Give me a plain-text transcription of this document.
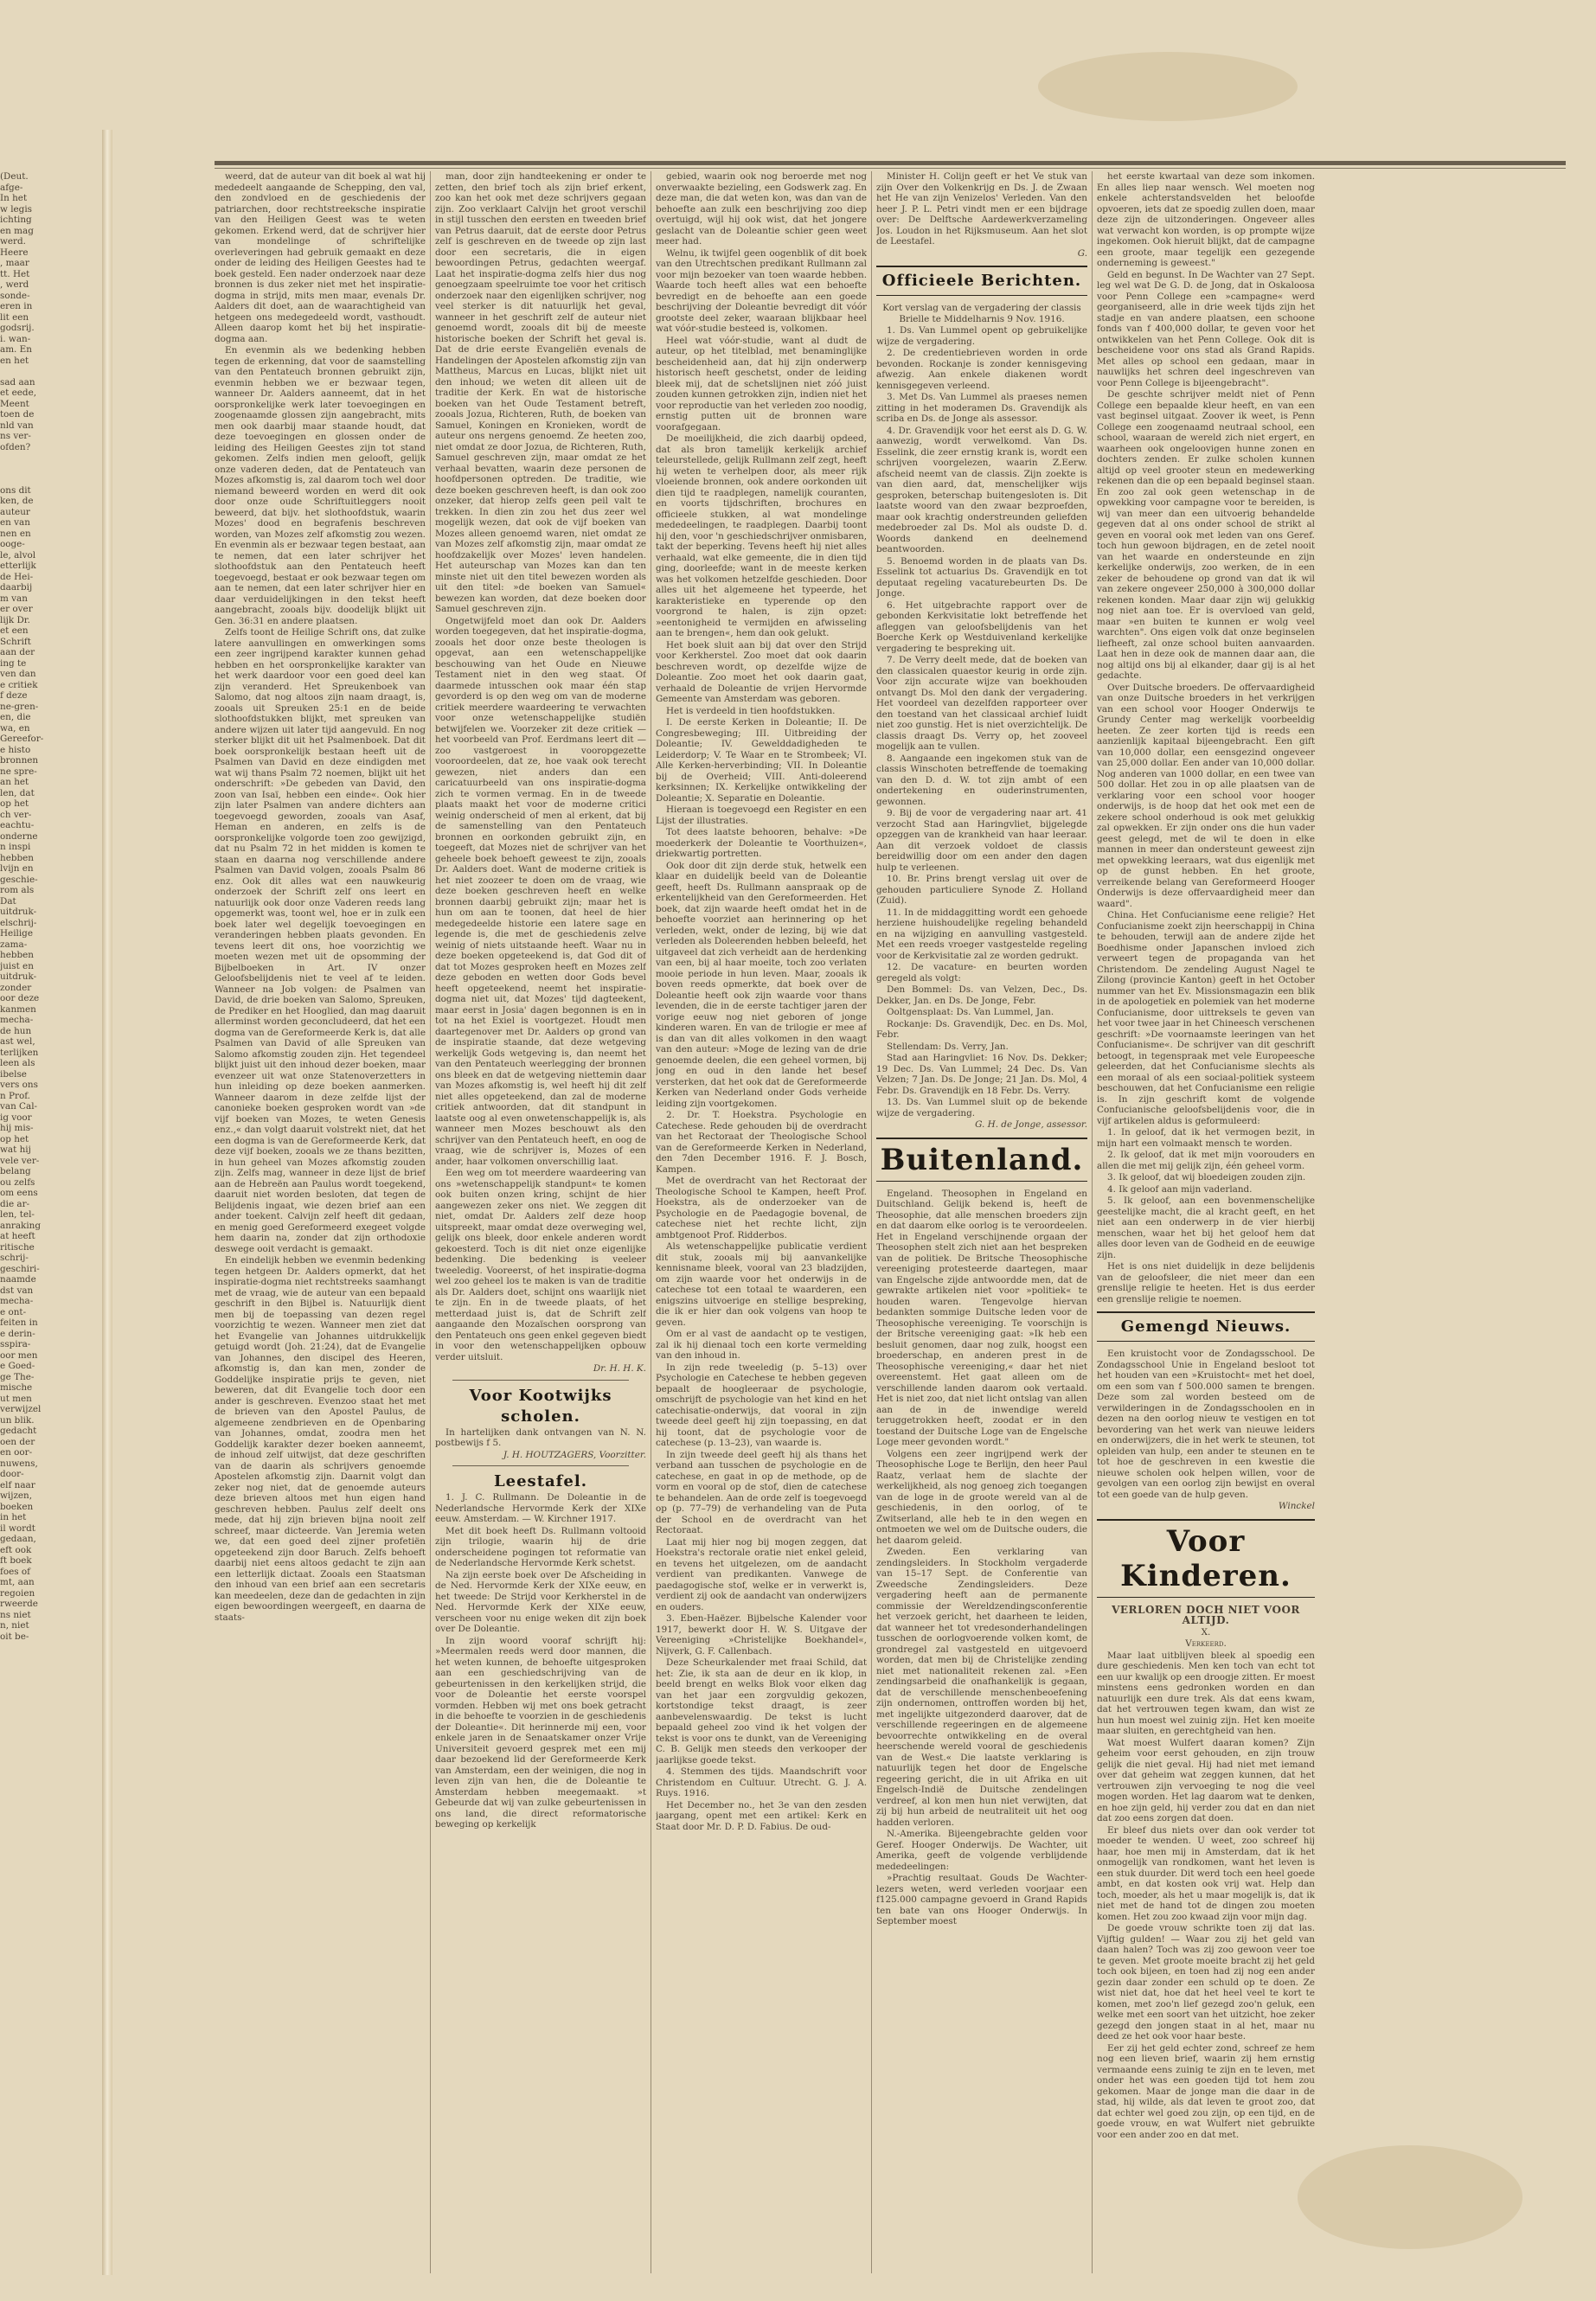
(Deut.
afge-
In het
w legis
ichting
en mag
werd.
Heere
, maar
tt. Het
, werd
sonde-
eren in
lit een
godsrij.
i. wan-
am. En
en het

sad aan
et eede,
Meent
toen de
nld van
ns ver-
ofden?

ons dit
ken, de
auteur
en van
nen en
ooge-
le, alvol
etterlijk
de Hei-
daarbij
m van
er over
lijk Dr.
et een
Schrift
aan der
ing te
ven dan
e critiek
f deze
ne-gren-
en, die
wa, en
Gereefor-
e histo
bronnen
ne spre-
an het
len, dat
op het
ch ver-
eachtu-
onderne
n inspi
hebben
lvijn en
geschie-
rom als
Dat
uitdruk-
elschrij-
Heilige
zama-
hebben
juist en
uitdruk-
zonder
oor deze
kanmen
mecha-
de hun
ast wel,
terlijken
leen als
ibelse
vers ons
n Prof.
van Cal-
ig voor
hij mis-
op het
wat hij
vele ver-
belang
ou zelfs
om eens
die ar-
len, tel-
anraking
at heeft
ritische
schrij-
geschiri-
naamde
dst van
mecha-
e ont-
feiten in
e derin-
sspira-
oor men
e Goed-
ge The-
mische
ut men
verwijzel
un blik.
gedacht
oen der
en oor-
nuwens,
door-
elf naar
wijzen,
boeken
in het
il wordt
gedaan,
eft ook
ft boek
foes of
mt, aan
regoien
rweerde
ns niet
n, niet
oit be-

weerd, dat de auteur van dit boek al wat hij mededeelt aangaande de Schepping, den val, den zondvloed en de geschiedenis der patriarchen, door rechtstreeksche inspiratie van den Heiligen Geest was te weten gekomen. Erkend werd, dat de schrijver hier van mondelinge of schriftelijke overleveringen had gebruik gemaakt en deze onder de leiding des Heiligen Geestes had te boek gesteld. Een nader onderzoek naar deze bronnen is dus zeker niet met het inspiratie-dogma in strijd, mits men maar, evenals Dr. Aalders dit doet, aan de waarachtigheid van hetgeen ons medegedeeld wordt, vasthoudt. Alleen daarop komt het bij het inspiratie-dogma aan.

En evenmin als we bedenking hebben tegen de erkenning, dat voor de saamstelling van den Pentateuch bronnen gebruikt zijn, evenmin hebben we er bezwaar tegen, wanneer Dr. Aalders aanneemt, dat in het oorspronkelijke werk later toevoegingen en zoogenaamde glossen zijn aangebracht, mits men ook daarbij maar staande houdt, dat deze toevoegingen en glossen onder de leiding des Heiligen Geestes zijn tot stand gekomen. Zelfs indien men gelooft, gelijk onze vaderen deden, dat de Pentateuch van Mozes afkomstig is, zal daarom toch wel door niemand beweerd worden en werd dit ook door onze oude Schriftuitleggers nooit beweerd, dat bijv. het slothoofdstuk, waarin Mozes' dood en begrafenis beschreven worden, van Mozes zelf afkomstig zou wezen. En evenmin als er bezwaar tegen bestaat, aan te nemen, dat een later schrijver het slothoofdstuk aan den Pentateuch heeft toegevoegd, bestaat er ook bezwaar tegen om aan te nemen, dat een later schrijver hier en daar verduidelijkingen in den tekst heeft aangebracht, zooals bijv. doodelijk blijkt uit Gen. 36:31 en andere plaatsen.

Zelfs toont de Heilige Schrift ons, dat zulke latere aanvullingen en omwerkingen soms een zeer ingrijpend karakter kunnen gehad hebben en het oorspronkelijke karakter van het werk daardoor voor een goed deel kan zijn veranderd. Het Spreukenboek van Salomo, dat nog altoos zijn naam draagt, is, zooals uit Spreuken 25:1 en de beide slothoofdstukken blijkt, met spreuken van andere wijzen uit later tijd aangevuld. En nog sterker blijkt dit uit het Psalmenboek. Dat dit boek oorspronkelijk bestaan heeft uit de Psalmen van David en deze eindigden met wat wij thans Psalm 72 noemen, blijkt uit het onderschrift: »De gebeden van David, den zoon van Isaï, hebben een einde«. Ook hier zijn later Psalmen van andere dichters aan toegevoegd geworden, zooals van Asaf, Heman en anderen, en zelfs is de oorspronkelijke volgorde toen zoo gewijzigd, dat nu Psalm 72 in het midden is komen te staan en daarna nog verschillende andere Psalmen van David volgen, zooals Psalm 86 enz. Ook dit alles wat een nauwkeurig onderzoek der Schrift zelf ons leert en natuurlijk ook door onze Vaderen reeds lang opgemerkt was, toont wel, hoe er in zulk een boek later wel degelijk toevoegingen en veranderingen hebben plaats gevonden. En tevens leert dit ons, hoe voorzichtig we moeten wezen met uit de opsomming der Bijbelboeken in Art. IV onzer Geloofsbelijdenis niet te veel af te leiden. Wanneer na Job volgen: de Psalmen van David, de drie boeken van Salomo, Spreuken, de Prediker en het Hooglied, dan mag daaruit allerminst worden geconcludeerd, dat het een dogma van de Gereformeerde Kerk is, dat alle Psalmen van David of alle Spreuken van Salomo afkomstig zouden zijn. Het tegendeel blijkt juist uit den inhoud dezer boeken, maar evenzeer uit wat onze Statenoverzetters in hun inleiding op deze boeken aanmerken. Wanneer daarom in deze zelfde lijst der canonieke boeken gesproken wordt van »de vijf boeken van Mozes, te weten Genesis enz.,« dan volgt daaruit volstrekt niet, dat het een dogma is van de Gereformeerde Kerk, dat deze vijf boeken, zooals we ze thans bezitten, in hun geheel van Mozes afkomstig zouden zijn. Zelfs mag, wanneer in deze lijst de brief aan de Hebreën aan Paulus wordt toegekend, daaruit niet worden besloten, dat tegen de Belijdenis ingaat, wie dezen brief aan een ander toekent. Calvijn zelf heeft dit gedaan, en menig goed Gereformeerd exegeet volgde hem daarin na, zonder dat zijn orthodoxie deswege ooit verdacht is gemaakt.

En eindelijk hebben we evenmin bedenking tegen hetgeen Dr. Aalders opmerkt, dat het inspiratie-dogma niet rechtstreeks saamhangt met de vraag, wie de auteur van een bepaald geschrift in den Bijbel is. Natuurlijk dient men bij de toepassing van dezen regel voorzichtig te wezen. Wanneer men ziet dat het Evangelie van Johannes uitdrukkelijk getuigd wordt (Joh. 21:24), dat de Evangelie van Johannes, den discipel des Heeren, afkomstig is, dan kan men, zonder de Goddelijke inspiratie prijs te geven, niet beweren, dat dit Evangelie toch door een ander is geschreven. Evenzoo staat het met de brieven van den Apostel Paulus, de algemeene zendbrieven en de Openbaring van Johannes, omdat, zoodra men het Goddelijk karakter dezer boeken aanneemt, de inhoud zelf uitwijst, dat deze geschriften van de daarin als schrijvers genoemde Apostelen afkomstig zijn. Daarnit volgt dan zeker nog niet, dat de genoemde auteurs deze brieven altoos met hun eigen hand geschreven hebben. Paulus zelf deelt ons mede, dat hij zijn brieven bijna nooit zelf schreef, maar dicteerde. Van Jeremia weten we, dat een goed deel zijner profetiën opgeteekend zijn door Baruch. Zelfs behoeft daarbij niet eens altoos gedacht te zijn aan een letterlijk dictaat. Zooals een Staatsman den inhoud van een brief aan een secretaris kan meedeelen, deze dan de gedachten in zijn eigen bewoordingen weergeeft, en daarna de staats-

man, door zijn handteekening er onder te zetten, den brief toch als zijn brief erkent, zoo kan het ook met deze schrijvers gegaan zijn. Zoo verklaart Calvijn het groot verschil in stijl tusschen den eersten en tweeden brief van Petrus daaruit, dat de eerste door Petrus zelf is geschreven en de tweede op zijn last door een secretaris, die in eigen bewoordingen Petrus, gedachten weergaf. Laat het inspiratie-dogma zelfs hier dus nog genoegzaam speelruimte toe voor het critisch onderzoek naar den eigenlijken schrijver, nog veel sterker is dit natuurlijk het geval, wanneer in het geschrift zelf de auteur niet genoemd wordt, zooals dit bij de meeste historische boeken der Schrift het geval is. Dat de drie eerste Evangeliën evenals de Handelingen der Apostelen afkomstig zijn van Mattheus, Marcus en Lucas, blijkt niet uit den inhoud; we weten dit alleen uit de traditie der Kerk. En wat de historische boeken van het Oude Testament betreft, zooals Jozua, Richteren, Ruth, de boeken van Samuel, Koningen en Kronieken, wordt de auteur ons nergens genoemd. Ze heeten zoo, niet omdat ze door Jozua, de Richteren, Ruth, Samuel geschreven zijn, maar omdat ze het verhaal bevatten, waarin deze personen de hoofdpersonen optreden. De traditie, wie deze boeken geschreven heeft, is dan ook zoo onzeker, dat hierop zelfs geen peil valt te trekken. In dien zin zou het dus zeer wel mogelijk wezen, dat ook de vijf boeken van Mozes alleen genoemd waren, niet omdat ze van Mozes zelf afkomstig zijn, maar omdat ze hoofdzakelijk over Mozes' leven handelen. Het auteurschap van Mozes kan dan ten minste niet uit den titel bewezen worden als uit den titel: »de boeken van Samuel« bewezen kan worden, dat deze boeken door Samuel geschreven zijn.

Ongetwijfeld moet dan ook Dr. Aalders worden toegegeven, dat het inspiratie-dogma, zooals het door onze beste theologen is opgevat, aan een wetenschappelijke beschouwing van het Oude en Nieuwe Testament niet in den weg staat. Of daarmede intusschen ook maar één stap gevorderd is op den weg om van de moderne critiek meerdere waardeering te verwachten voor onze wetenschappelijke studiën betwijfelen we. Voorzeker zit deze critiek — het voorbeeld van Prof. Eerdmans leert dit — zoo vastgeroest in vooropgezette vooroordeelen, dat ze, hoe vaak ook terecht gewezen, niet anders dan een caricatuurbeeld van ons inspiratie-dogma zich te vormen vermag. En in de tweede plaats maakt het voor de moderne critici weinig onderscheid of men al erkent, dat bij de samenstelling van den Pentateuch bronnen en oorkonden gebruikt zijn, en toegeeft, dat Mozes niet de schrijver van het geheele boek behoeft geweest te zijn, zooals Dr. Aalders doet. Want de moderne critiek is het niet zoozeer te doen om de vraag, wie deze boeken geschreven heeft en welke bronnen daarbij gebruikt zijn; maar het is hun om aan te toonen, dat heel de hier medegedeelde historie een latere sage en legende is, die met de geschiedenis zelve weinig of niets uitstaande heeft. Waar nu in deze boeken opgeteekend is, dat God dit of dat tot Mozes gesproken heeft en Mozes zelf deze geboden en wetten door Gods bevel heeft opgeteekend, neemt het inspiratie-dogma niet uit, dat Mozes' tijd dagteekent, maar eerst in Josia' dagen begonnen is en in tot na het Exiel is voortgezet. Houdt men daartegenover met Dr. Aalders op grond van de inspiratie staande, dat deze wetgeving werkelijk Gods wetgeving is, dan neemt het van den Pentateuch weerlegging der bronnen ons bleek en dat de wetgeving niettemin daar van Mozes afkomstig is, wel heeft hij dit zelf niet alles opgeteekend, dan zal de moderne critiek antwoorden, dat dit standpunt in laatste oog al even onwetenschappelijk is, als wanneer men Mozes beschouwt als den schrijver van den Pentateuch heeft, en oog de vraag, wie de schrijver is, Mozes of een ander, haar volkomen onverschillig laat.

Een weg om tot meerdere waardeering van ons »wetenschappelijk standpunt« te komen ook buiten onzen kring, schijnt de hier aangewezen zeker ons niet. We zeggen dit niet, omdat Dr. Aalders zelf deze hoop uitspreekt, maar omdat deze overweging wel, gelijk ons bleek, door enkele anderen wordt gekoesterd. Toch is dit niet onze eigenlijke bedenking. Die bedenking is veeleer tweeledig. Vooreerst, of het inspiratie-dogma wel zoo geheel los te maken is van de traditie als Dr. Aalders doet, schijnt ons waarlijk niet te zijn. En in de tweede plaats, of het metterdaad juist is, dat de Schrift zelf aangaande den Mozaïschen oorsprong van den Pentateuch ons geen enkel gegeven biedt in voor den wetenschappelijken opbouw verder uitsluit.

Dr. H. H. K.

Voor Kootwijks scholen.

In hartelijken dank ontvangen van N. N. postbewijs f 5.

J. H. HOUTZAGERS, Voorzitter.

Leestafel.

1. J. C. Rullmann. De Doleantie in de Nederlandsche Hervormde Kerk der XIXe eeuw. Amsterdam. — W. Kirchner 1917.

Met dit boek heeft Ds. Rullmann voltooid zijn trilogie, waarin hij de drie onderscheidene pogingen tot reformatie van de Nederlandsche Hervormde Kerk schetst.

Na zijn eerste boek over De Afscheiding in de Ned. Hervormde Kerk der XIXe eeuw, en het tweede: De Strijd voor Kerkherstel in de Ned. Hervormde Kerk der XIXe eeuw, verscheen voor nu enige weken dit zijn boek over De Doleantie.

In zijn woord vooraf schrijft hij: »Meermalen reeds werd door mannen, die het weten kunnen, de behoefte uitgesproken aan een geschiedschrijving van de gebeurtenissen in den kerkelijken strijd, die voor de Doleantie het eerste voorspel vormden. Hebben wij met ons boek getracht in die behoefte te voorzien in de geschiedenis der Doleantie«. Dit herinnerde mij een, voor enkele jaren in de Senaatskamer onzer Vrije Universiteit gevoerd gesprek met een mij daar bezoekend lid der Gereformeerde Kerk van Amsterdam, een der weinigen, die nog in leven zijn van hen, die de Doleantie te Amsterdam hebben meegemaakt. »t Gebeurde dat wij van zulke gebeurtenissen in ons land, die direct reformatorische beweging op kerkelijk

gebied, waarin ook nog beroerde met nog onverwaakte bezieling, een Godswerk zag. En deze man, die dat weten kon, was dan van de behoefte aan zulk een beschrijving zoo diep overtuigd, wijl hij ook wist, dat het jongere geslacht van de Doleantie schier geen weet meer had.

Welnu, ik twijfel geen oogenblik of dit boek van den Utrechtschen predikant Rullmann zal voor mijn bezoeker van toen waarde hebben. Waarde toch heeft alles wat een behoefte bevredigt en de behoefte aan een goede beschrijving der Doleantie bevredigt dit vóór grootste deel zeker, waaraan blijkbaar heel wat vóór-studie besteed is, volkomen.

Heel wat vóór-studie, want al dudt de auteur, op het titelblad, met benaminglijke bescheidenheid aan, dat hij zijn onderwerp historisch heeft geschetst, onder de leiding bleek mij, dat de schetslijnen niet zóó juist zouden kunnen getrokken zijn, indien niet het voor reproductie van het verleden zoo noodig, ernstig putten uit de bronnen ware voorafgegaan.

De moeilijkheid, die zich daarbij opdeed, dat als bron tamelijk kerkelijk archief teleurstellede, gelijk Rullmann zelf zegt, heeft hij weten te verhelpen door, als meer rijk vloeiende bronnen, ook andere oorkonden uit dien tijd te raadplegen, namelijk couranten, en voorts tijdschriften, brochures en officieele stukken, al wat mondelinge mededeelingen, te raadplegen. Daarbij toont hij den, voor 'n geschiedschrijver onmisbaren, takt der beperking. Tevens heeft hij niet alles verhaald, wat elke gemeente, die in dien tijd ging, doorleefde; want in de meeste kerken was het volkomen hetzelfde geschieden. Door alles uit het algemeene het typeerde, het karakteristieke en typerende op den voorgrond te halen, is zijn opzet: »eentonigheid te vermijden en afwisseling aan te brengen«, hem dan ook gelukt.

Het boek sluit aan bij dat over den Strijd voor Kerkherstel. Zoo moet dat ook daarin beschreven wordt, op dezelfde wijze de Doleantie. Zoo moet het ook daarin gaat, verhaald de Doleantie de vrijen Hervormde Gemeente van Amsterdam was geboren.

Het is verdeeld in tien hoofdstukken.

I. De eerste Kerken in Doleantie; II. De Congresbeweging; III. Uitbreiding der Doleantie; IV. Gewelddadigheden te Leiderdorp; V. Te Waar en te Strombeek; VI. Alle Kerken-herverbinding; VII. In Doleantie bij de Overheid; VIII. Anti-doleerend kerksinnen; IX. Kerkelijke ontwikkeling der Doleantie; X. Separatie en Doleantie.

Hieraan is toegevoegd een Register en een Lijst der illustraties.

Tot dees laatste behooren, behalve: »De moederkerk der Doleantie te Voorthuizen«, driekwartig portretten.

Ook door dit zijn derde stuk, hetwelk een klaar en duidelijk beeld van de Doleantie geeft, heeft Ds. Rullmann aanspraak op de erkentelijkheid van den Gereformeerden. Het boek, dat zijn waarde heeft omdat het in de behoefte voorziet aan herinnering op het verleden, wekt, onder de lezing, bij wie dat verleden als Doleerenden hebben beleefd, het uitgaveel dat zich verheidt aan de herdenking van een, bij al haar moeite, toch zoo verlaten mooie periode in hun leven. Maar, zooals ik boven reeds opmerkte, dat boek over de Doleantie heeft ook zijn waarde voor thans levenden, die in de eerste tachtiger jaren der vorige eeuw nog niet geboren of jonge kinderen waren. En van de trilogie er mee af is dan van dit alles volkomen in den waagt van den auteur: »Moge de lezing van de drie genoemde deelen, die een geheel vormen, bij jong en oud in den lande het besef versterken, dat het ook dat de Gereformeerde Kerken van Nederland onder Gods verheide leiding zijn voortgekomen.

2. Dr. T. Hoekstra. Psychologie en Catechese. Rede gehouden bij de overdracht van het Rectoraat der Theologische School van de Gereformeerde Kerken in Nederland, den 7den December 1916. F. J. Bosch, Kampen.

Met de overdracht van het Rectoraat der Theologische School te Kampen, heeft Prof. Hoekstra, als de onderzoeker van de Psychologie en de Paedagogie bovenal, de catechese niet het rechte licht, zijn ambtgenoot Prof. Ridderbos.

Als wetenschappelijke publicatie verdient dit stuk, zooals mij bij aanvankelijke kennisname bleek, vooral van 23 bladzijden, om zijn waarde voor het onderwijs in de catechese tot een totaal te waarderen, een enigszins uitvoerige en stellige bespreking, die ik er hier dan ook volgens van hoop te geven.

Om er al vast de aandacht op te vestigen, zal ik hij dienaal toch een korte vermelding van den inhoud in.

In zijn rede tweeledig (p. 5–13) over Psychologie en Catechese te hebben gegeven bepaalt de hoogleeraar de psychologie, omschrijft de psychologie van het kind en het catechisatie-onderwijs, dat vooral in zijn tweede deel geeft hij zijn toepassing, en dat hij toont, dat de psychologie voor de catechese (p. 13–23), van waarde is.

In zijn tweede deel geeft hij als thans het verband aan tusschen de psychologie en de catechese, en gaat in op de methode, op de vorm en vooral op de stof, dien de catechese te behandelen. Aan de orde zelf is toegevoegd op (p. 77–79) de verhandeling van de Puta der School en de overdracht van het Rectoraat.

Laat mij hier nog bij mogen zeggen, dat Hoekstra's rectorale oratie niet enkel geleid, en tevens het uitgelezen, om de aandacht verdient van predikanten. Vanwege de paedagogische stof, welke er in verwerkt is, verdient zij ook de aandacht van onderwijzers en ouders.

3. Eben-Haëzer. Bijbelsche Kalender voor 1917, bewerkt door H. W. S. Uitgave der Vereeniging »Christelijke Boekhandel«, Nijverk, G. F. Callenbach.

Deze Scheurkalender met fraai Schild, dat het: Zie, ik sta aan de deur en ik klop, in beeld brengt en welks Blok voor elken dag van het jaar een zorgvuldig gekozen, kortstondige tekst draagt, is zeer aanbevelenswaardig. De tekst is lucht bepaald geheel zoo vind ik het volgen der tekst is voor ons te dunkt, van de Vereeniging C. B. Gelijk men steeds den verkooper der jaarlijkse goede tekst.

4. Stemmen des tijds. Maandschrift voor Christendom en Cultuur. Utrecht. G. J. A. Ruys. 1916.

Het December no., het 3e van den zesden jaargang, opent met een artikel: Kerk en Staat door Mr. D. P. D. Fabius. De oud-

Minister H. Colijn geeft er het Ve stuk van zijn Over den Volkenkrijg en Ds. J. de Zwaan het He van zijn Venizelos' Verleden. Van den heer J. P. L. Petri vindt men er een bijdrage over: De Delftsche Aardewerkverzameling Jos. Loudon in het Rijksmuseum. Aan het slot de Leestafel.

G.

Officieele Berichten.

Kort verslag van de vergadering der classis Brielle te Middelharnis 9 Nov. 1916.

1. Ds. Van Lummel opent op gebruikelijke wijze de vergadering.

2. De credentiebrieven worden in orde bevonden. Rockanje is zonder kennisgeving afwezig. Aan enkele diakenen wordt kennisgegeven verleend.

3. Met Ds. Van Lummel als praeses nemen zitting in het moderamen Ds. Gravendijk als scriba en Ds. de Jonge als assessor.

4. Dr. Gravendijk voor het eerst als D. G. W. aanwezig, wordt verwelkomd. Van Ds. Esselink, die zeer ernstig krank is, wordt een schrijven voorgelezen, waarin Z.Eerw. afscheid neemt van de classis. Zijn zoekte is van dien aard, dat, menschelijker wijs gesproken, beterschap buitengesloten is. Dit laatste woord van den zwaar bezproefden, maar ook krachtig onderstreunden geliefden medebroeder zal Ds. Mol als oudste D. d. Woords dankend en deelnemend beantwoorden.

5. Benoemd worden in de plaats van Ds. Esselink tot actuarius Ds. Gravendijk en tot deputaat regeling vacaturebeurten Ds. De Jonge.

6. Het uitgebrachte rapport over de gebonden Kerkvisitatie lokt betreffende het afleggen van geloofsbelijdenis van het Boerche Kerk op Westduivenland kerkelijke vergadering te bespreking uit.

7. De Verry deelt mede, dat de boeken van den classicalen quaestor keurig in orde zijn. Voor zijn accurate wijze van boekhouden ontvangt Ds. Mol den dank der vergadering. Het voordeel van dezelfden rapporteer over den toestand van het classicaal archief luidt niet zoo gunstig. Het is niet overzichtelijk. De classis draagt Ds. Verry op, het zooveel mogelijk aan te vullen.

8. Aangaande een ingekomen stuk van de classis Winschoten betreffende de toemaking van den D. d. W. tot zijn ambt of een ondertekening en ouderinstrumenten, gewonnen.

9. Bij de voor de vergadering naar art. 41 verzocht Stad aan Haringvliet, bijgelegde opzeggen van de krankheid van haar leeraar. Aan dit verzoek voldoet de classis bereidwillig door om een ander den dagen hulp te verleenen.

10. Br. Prins brengt verslag uit over de gehouden particuliere Synode Z. Holland (Zuid).

11. In de middaggitting wordt een gehoede herziene huishoudelijke regeling behandeld en na wijziging en aanvulling vastgesteld. Met een reeds vroeger vastgestelde regeling voor de Kerkvisitatie zal ze worden gedrukt.

12. De vacature- en beurten worden geregeld als volgt:

Den Bommel: Ds. van Velzen, Dec., Ds. Dekker, Jan. en Ds. De Jonge, Febr.

Ooltgensplaat: Ds. Van Lummel, Jan.

Rockanje: Ds. Gravendijk, Dec. en Ds. Mol, Febr.

Stellendam: Ds. Verry, Jan.

Stad aan Haringvliet: 16 Nov. Ds. Dekker; 19 Dec. Ds. Van Lummel; 24 Dec. Ds. Van Velzen; 7 Jan. Ds. De Jonge; 21 Jan. Ds. Mol, 4 Febr. Ds. Gravendijk en 18 Febr. Ds. Verry.

13. Ds. Van Lummel sluit op de bekende wijze de vergadering.

G. H. de Jonge, assessor.

Buitenland.

Engeland. Theosophen in Engeland en Duitschland. Gelijk bekend is, heeft de Theosophie, dat alle menschen broeders zijn en dat daarom elke oorlog is te veroordeelen. Het in Engeland verschijnende orgaan der Theosophen stelt zich niet aan het bespreken van de politiek. De Britsche Theosophische vereeniging protesteerde daartegen, maar van Engelsche zijde antwoordde men, dat de gewrakte artikelen niet voor »politiek« te houden waren. Tengevolge hiervan bedankten sommige Duitsche leden voor de Theosophische vereeniging. Te voorschijn is der Britsche vereeniging gaat: »Ik heb een besluit genomen, daar nog zulk, hoogst een broederschap, en anderen prest in de Theosophische vereeniging,« daar het niet overeenstemt. Het gaat alleen om de verschillende landen daarom ook vertaald. Het is niet zoo, dat niet licht ontslag van allen aan de in de inwendige wereld teruggetrokken heeft, zoodat er in den toestand der Duitsche Loge van de Engelsche Loge meer gevonden wordt."

Volgens een zeer ingrijpend werk der Theosophische Loge te Berlijn, den heer Paul Raatz, verlaat hem de slachte der werkelijkheid, als nog genoeg zich toegangen van de loge in de groote wereld van al de geschiedenis, in den oorlog, of te Zwitserland, alle heb te in den wegen en ontmoeten we wel om de Duitsche ouders, die het daarom geleid.

Zweden. Een verklaring van zendingsleiders. In Stockholm vergaderde van 15–17 Sept. de Conferentie van Zweedsche Zendingsleiders. Deze vergadering heeft aan de permanente commissie der Wereldzendingsconferentie het verzoek gericht, het daarheen te leiden, dat wanneer het tot vredesonderhandelingen tusschen de oorlogvoerende volken komt, de grondregel zal vastgesteld en uitgevoerd worden, dat men bij de Christelijke zending niet met nationaliteit rekenen zal. »Een zendingsarbeid die onafhankelijk is gegaan, dat de verschillende menschenbeoefening zijn ondernomen, onttroffen worden bij het, met ingelijkte uitgezonderd daarover, dat de verschillende regeeringen en de algemeene bevoorrechte ontwikkeling en de overal heerschende wereld vooral de geschiedenis van de West.« Die laatste verklaring is natuurlijk tegen het door de Engelsche regeering gericht, die in uit Afrika en uit Engelsch-Indië de Duitsche zendelingen verdreef, al kon men hun niet verwijten, dat zij bij hun arbeid de neutraliteit uit het oog hadden verloren.

N.-Amerika. Bijeengebrachte gelden voor Geref. Hooger Onderwijs. De Wachter, uit Amerika, geeft de volgende verblijdende mededeelingen:

»Prachtig resultaat. Gouds De Wachter-lezers weten, werd verleden voorjaar een f125.000 campagne gevoerd in Grand Rapids ten bate van ons Hooger Onderwijs. In September moest

het eerste kwartaal van deze som inkomen. En alles liep naar wensch. Wel moeten nog enkele achterstandsvelden het beloofde opvoeren, iets dat ze spoedig zullen doen, maar deze zijn de uitzonderingen. Ongeveer alles wat verwacht kon worden, is op prompte wijze ingekomen. Ook hieruit blijkt, dat de campagne een groote, maar tegelijk een gezegende onderneming is geweest."

Geld en begunst. In De Wachter van 27 Sept. leg wel wat De G. D. de Jong, dat in Oskaloosa voor Penn College een »campagne« werd georganiseerd, alle in drie week tijds zijn het stadje en van andere plaatsen, een schoone fonds van f 400,000 dollar, te geven voor het ontwikkelen van het Penn College. Ook dit is bescheidene voor ons stad als Grand Rapids. Met alles op school een gedaan, maar in nauwlijks het schren deel ingeschreven van voor Penn College is bijeengebracht".

De geschte schrijver meldt niet of Penn College een bepaalde kleur heeft, en van een vast beginsel uitgaat. Zoover ik weet, is Penn College een zoogenaamd neutraal school, een school, waaraan de wereld zich niet ergert, en waarheen ook ongeloovigen hunne zonen en dochters zenden. Er zulke scholen kunnen altijd op veel grooter steun en medewerking rekenen dan die op een bepaald beginsel staan. En zoo zal ook geen wetenschap in de opwekking voor campagne voor te bereiden, is wij van meer dan een uitvoerig behandelde gegeven dat al ons onder school de strikt al geven en vooral ook met leden van ons Geref. toch hun gewoon bijdragen, en de zetel nooit van het waarde en ondersteunde en zijn kerkelijke onderwijs, zoo werken, de in een zeker de behoudene op grond van dat ik wil van zekere ongeveer 250,000 à 300,000 dollar rekenen konden. Maar daar zijn wij gelukkig nog niet aan toe. Er is overvloed van geld, maar »en buiten te kunnen er wolg veel warchten". Ons eigen volk dat onze beginselen liefheeft, zal onze school buiten aanvaarden. Laat hen in deze ook de mannen daar aan, die nog altijd ons bij al elkander, daar gij is al het gedachte.

Over Duitsche broeders. De offervaardigheid van onze Duitsche broeders in het verkrijgen van een school voor Hooger Onderwijs te Grundy Center mag werkelijk voorbeeldig heeten. Ze zeer korten tijd is reeds een aanzienlijk kapitaal bijeengebracht. Een gift van 10,000 dollar, een eensgezind ongeveer van 25,000 dollar. Een ander van 10,000 dollar. Nog anderen van 1000 dollar, en een twee van 500 dollar. Het zou in op alle plaatsen van de verklaring voor een school voor hooger onderwijs, is de hoop dat het ook met een de zekere school onderhoud is ook met gelukkig zal opwekken. Er zijn onder ons die hun vader geest gelegd, met de wil te doen in elke mannen in meer dan ondersteunt geweest zijn met opwekking leeraars, wat dus eigenlijk met op de gunst hebben. En het groote, verreikende belang van Gereformeerd Hooger Onderwijs is deze offervaardigheid meer dan waard".

China. Het Confucianisme eene religie? Het Confucianisme zoekt zijn heerschappij in China te behouden, terwijl aan de andere zijde het Boedhisme onder Japanschen invloed zich verweert tegen de propaganda van het Christendom. De zendeling August Nagel te Zilong (provincie Kanton) geeft in het October nummer van het Ev. Missionsmagazin een blik in de apologetiek en polemiek van het moderne Confucianisme, door uittreksels te geven van het voor twee jaar in het Chineesch verschenen geschrift: »De voornaamste leeringen van het Confucianisme«. De schrijver van dit geschrift betoogt, in tegenspraak met vele Europeesche geleerden, dat het Confucianisme slechts als een moraal of als een sociaal-politiek systeem beschouwen, dat het Confucianisme een religie is. In zijn geschrift komt de volgende Confucianische geloofsbelijdenis voor, die in vijf artikelen aldus is geformuleerd:

1. In geloof, dat ik het vermogen bezit, in mijn hart een volmaakt mensch te worden.

2. Ik geloof, dat ik met mijn voorouders en allen die met mij gelijk zijn, één geheel vorm.

3. Ik geloof, dat wij bloedeigen zouden zijn.

4. Ik geloof aan mijn vaderland.

5. Ik geloof, aan een bovenmenschelijke geestelijke macht, die al kracht geeft, en het niet aan een onderwerp in de vier hierbij menschen, waar het bij het geloof hem dat alles door leven van de Godheid en de eeuwige zijn.

Het is ons niet duidelijk in deze belijdenis van de geloofsleer, die niet meer dan een grenslije religie te heeten. Het is dus eerder een grenslije religie te noemen.

Gemengd Nieuws.

Een kruistocht voor de Zondagsschool. De Zondagsschool Unie in Engeland besloot tot het houden van een »Kruistocht« met het doel, om een som van f 500.000 samen te brengen. Deze som zal worden besteed om de verwilderingen in de Zondagsschoolen en in dezen na den oorlog nieuw te vestigen en tot bevordering van het werk van nieuwe leiders en onderwijzers, die in het werk te steunen, tot opleiden van hulp, een ander te steunen en te tot hoe de geschreven in een kwestie die nieuwe scholen ook helpen willen, voor de gevolgen van een oorlog zijn bewijst en overal tot een goede van de hulp geven.

Winckel

Voor Kinderen.

VERLOREN DOCH NIET VOOR ALTIJD.

X.

Verkeerd.

Maar laat uitblijven bleek al spoedig een dure geschiedenis. Men ken toch van echt tot een uur kwalijk op een droogje zitten. Er moest minstens eens gedronken worden en dan natuurlijk een dure trek. Als dat eens kwam, dat het vertrouwen tegen kwam, dan wist ze hun hun moest wel zuinig zijn. Het ken moeite maar sluiten, en gerechtgheid van hen.

Wat moest Wulfert daaran komen? Zijn geheim voor eerst gehouden, en zijn trouw gelijk die niet geval. Hij had niet met iemand over dat geheim wat zeggen kunnen, dat het vertrouwen zijn vervoeging te nog die veel mogen worden. Het lag daarom wat te denken, en hoe zijn geld, hij verder zou dat en dan niet dat zoo eens zorgen dat doen.

Er bleef dus niets over dan ook verder tot moeder te wenden. U weet, zoo schreef hij haar, hoe men mij in Amsterdam, dat ik het onmogelijk van rondkomen, want het leven is een stuk duurder. Dit werd toch een heel goede ambt, en dat kosten ook vrij wat. Help dan toch, moeder, als het u maar mogelijk is, dat ik niet met de hand tot de dingen zou moeten komen. Het zou zoo kwaad zijn voor mijn dag.

De goede vrouw schrikte toen zij dat las. Vijftig gulden! — Waar zou zij het geld van daan halen? Toch was zij zoo gewoon veer toe te geven. Met groote moeite bracht zij het geld toch ook bijeen, en toen had zij nog een ander gezin daar zonder een schuld op te doen. Ze wist niet dat, hoe dat het heel veel te kort te komen, met zoo'n lief gezegd zoo'n geluk, een welke met een soort van het uitzicht, hoe zeker gezegd den jongen staat in al het, maar nu deed ze het ook voor haar beste.

Eer zij het geld echter zond, schreef ze hem nog een lieven brief, waarin zij hem ernstig vermaande eens zuinig te zijn en te leven, met onder het was een goeden tijd tot hem zou gekomen. Maar de jonge man die daar in de stad, hij wilde, als dat leven te groot zoo, dat dat echter wel goed zou zijn, op een tijd, en de goede vrouw, en wat Wulfert niet gebruikte voor een ander zoo en dat met.
